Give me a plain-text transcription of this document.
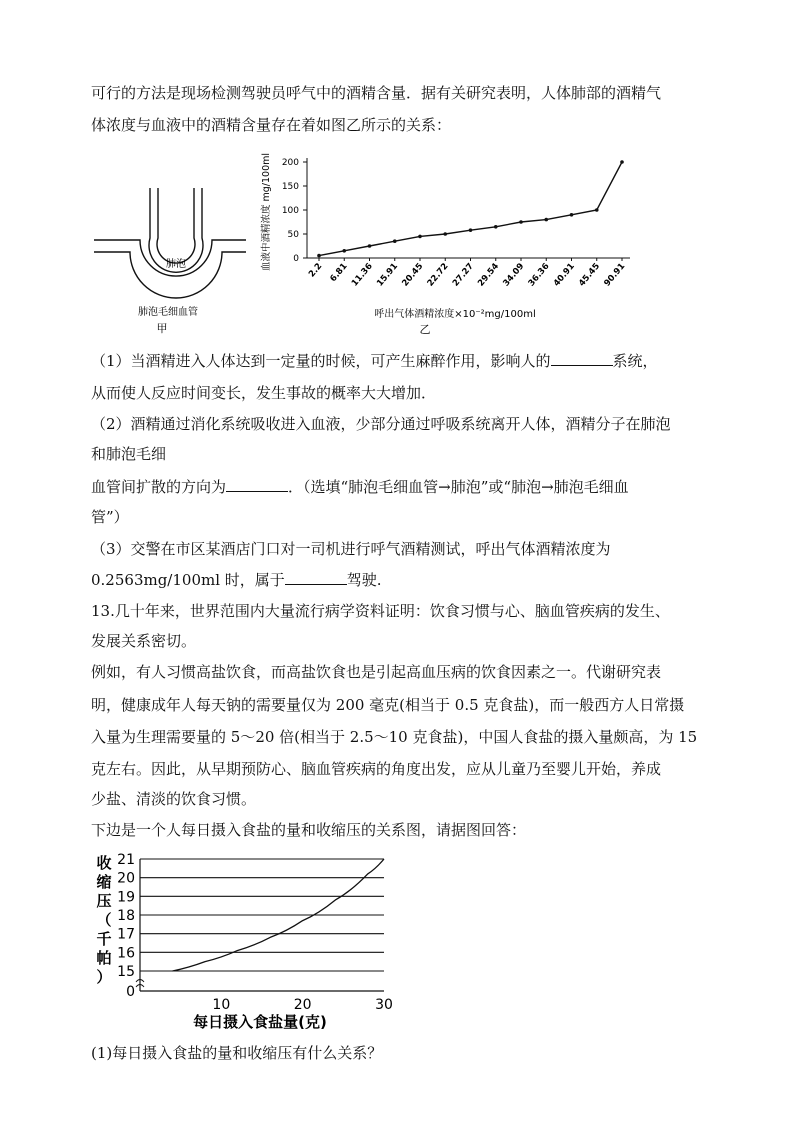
可行的方法是现场检测驾驶员呼气中的酒精含量．据有关研究表明，人体肺部的酒精气
体浓度与血液中的酒精含量存在着如图乙所示的关系：
肺泡
肺泡毛细血管
甲
0
50
100
150
200
2.2 6.81 11.36 15.91 20.45 22.72 27.27 29.54 34.09 36.36 40.91 45.45 90.91
血液中酒精浓度 mg/100ml
呼出气体酒精浓度×10⁻²mg/100ml
乙
（1）当酒精进入人体达到一定量的时候，可产生麻醉作用，影响人的	系统，
从而使人反应时间变长，发生事故的概率大大增加．
（2）酒精通过消化系统吸收进入血液，少部分通过呼吸系统离开人体，酒精分子在肺泡
和肺泡毛细
血管间扩散的方向为	．（选填“肺泡毛细血管→肺泡”或“肺泡→肺泡毛细血
管”）
（3）交警在市区某酒店门口对一司机进行呼气酒精测试，呼出气体酒精浓度为
0.2563mg/100ml 时，属于	驾驶.
13.几十年来，世界范围内大量流行病学资料证明：饮食习惯与心、脑血管疾病的发生、
发展关系密切。
例如，有人习惯高盐饮食，而高盐饮食也是引起高血压病的饮食因素之一。代谢研究表
明，健康成年人每天钠的需要量仅为 200 毫克(相当于 0.5 克食盐)，而一般西方人日常摄
入量为生理需要量的 5～20 倍(相当于 2.5～10 克食盐)，中国人食盐的摄入量颇高，为 15
克左右。因此，从早期预防心、脑血管疾病的角度出发，应从儿童乃至婴儿开始，养成
少盐、清淡的饮食习惯。
下边是一个人每日摄入食盐的量和收缩压的关系图，请据图回答：
15
16
17
18
19
20
21
0
10	20	30
收
缩
压
（
千
帕
）
每日摄入食盐量(克)
(1)每日摄入食盐的量和收缩压有什么关系？
